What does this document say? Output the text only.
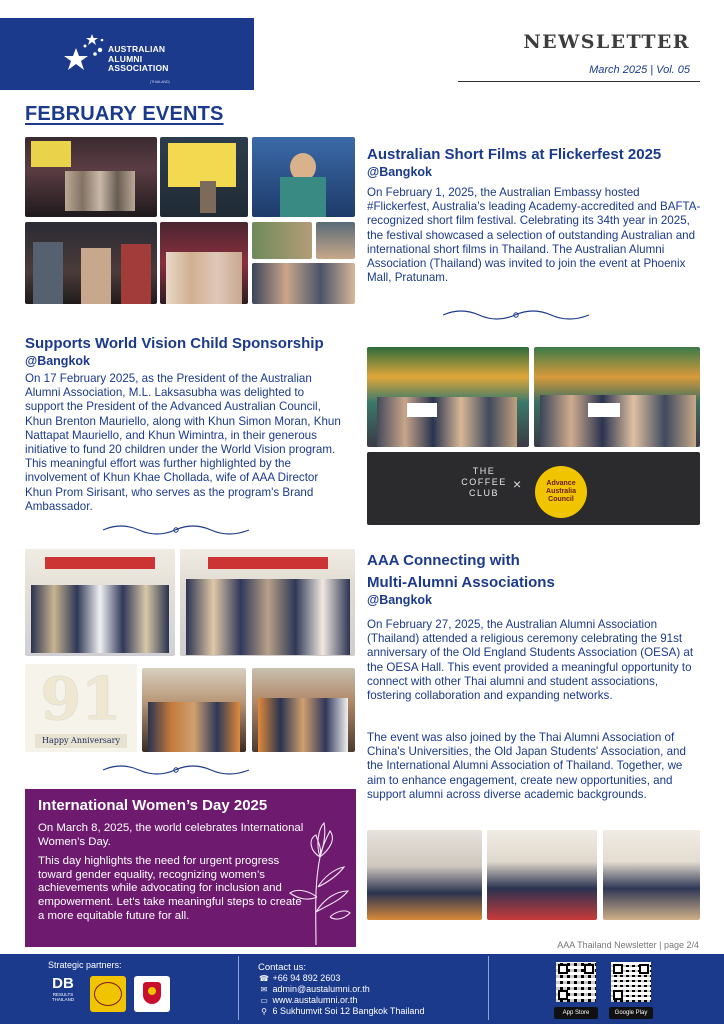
AUSTRALIAN
ALUMNI
ASSOCIATION
(THAILAND)
NEWSLETTER
March 2025 | Vol. 05
FEBRUARY EVENTS
Australian Short Films at Flickerfest 2025
@Bangkok
On February 1, 2025, the Australian Embassy hosted #Flickerfest, Australia’s leading Academy-accredited and BAFTA-recognized short film festival. Celebrating its 34th year in 2025, the festival showcased a selection of outstanding Australian and international short films in Thailand. The Australian Alumni Association (Thailand) was invited to join the event at Phoenix Mall, Pratunam.
Supports World Vision Child Sponsorship
@Bangkok
On 17 February 2025, as the President of the Australian Alumni Association, M.L. Laksasubha was delighted to support the President of the Advanced Australian Council, Khun Brenton Mauriello, along with Khun Simon Moran, Khun Nattapat Mauriello, and Khun Wimintra, in their generous initiative to fund 20 children under the World Vision program. This meaningful effort was further highlighted by the involvement of Khun Khae Chollada, wife of AAA Director Khun Prom Sirisant, who serves as the program's Brand Ambassador.
THE
COFFEE
CLUB
×	Advance
Australia
Council
91
Happy Anniversary
AAA Connecting with
Multi-Alumni Associations
@Bangkok
On February 27, 2025, the Australian Alumni Association (Thailand) attended a religious ceremony celebrating the 91st anniversary of the Old England Students Association (OESA) at the OESA Hall. This event provided a meaningful opportunity to connect with other Thai alumni and student associations, fostering collaboration and expanding networks.
The event was also joined by the Thai Alumni Association of China's Universities, the Old Japan Students' Association, and the International Alumni Association of Thailand. Together, we aim to enhance engagement, create new opportunities, and support alumni across diverse academic backgrounds.
International Women’s Day 2025
On March 8, 2025, the world celebrates International Women’s Day.
This day highlights the need for urgent progress toward gender equality, recognizing women’s achievements while advocating for inclusion and empowerment. Let's take meaningful steps to create a more equitable future for all.
AAA Thailand Newsletter | page 2/4
Strategic partners:
DB
RESULTS
THAILAND
Contact us:
☎ +66 94 892 2603
✉ admin@austalumni.or.th
▭ www.austalumni.or.th
⚲ 6 Sukhumvit Soi 12 Bangkok Thailand	App Store	Google Play
